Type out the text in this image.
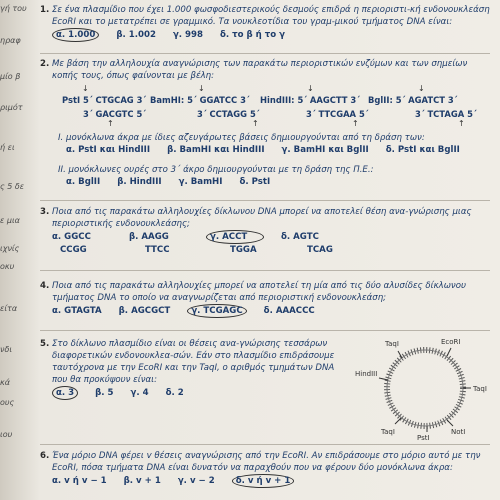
γή του
ηραφ
μίο β
ριμότ
ή ει
ς 5 δε
ε μια
ιχνίς
οκυ
είτα
νδι
κά
ους
ιου
1. Σε ένα πλασμίδιο που έχει 1.000 φωσφοδιεστερικούς δεσμούς επιδρά η περιοριστι-κή ενδονουκλεάση EcoRI και το μετατρέπει σε γραμμικό. Τα νουκλεοτίδια του γραμ-μικού τμήματος DNA είναι:
α. 1.000 β. 1.002 γ. 998 δ. το β ή το γ
2. Με βάση την αλληλουχία αναγνώρισης των παρακάτω περιοριστικών ενζύμων και των σημείων κοπής τους, όπως φαίνονται με βέλη:
↓	↓	↓	↓
PstI 5΄ CTGCAG 3΄ BamHI: 5΄ GGATCC 3΄ HindIII: 5΄ AAGCTT 3΄ BglII: 5΄ AGATCT 3΄
3΄ GACGTC 5΄	3΄ CCTAGG 5΄	3΄ TTCGAA 5΄	3΄ TCTAGA 5΄
↑	↑	↑	↑
I. μονόκλωνα άκρα με ίδιες αζευγάρωτες βάσεις δημιουργούνται από τη δράση των:
α. PstI και HindIII β. BamHI και HindIII γ. BamHI και BglII δ. PstI και BglII
II. μονόκλωνες ουρές στο 3΄ άκρο δημιουργούνται με τη δράση της Π.Ε.:
α. BglII β. HindIII γ. BamHI δ. PstI
3. Ποια από τις παρακάτω αλληλουχίες δίκλωνου DNA μπορεί να αποτελεί θέση ανα-γνώρισης μιας περιοριστικής ενδονουκλεάσης;
α. GGCC	β. AAGG	γ. ACCT	δ. AGTC
CCGG	TTCC	TGGA	TCAG
4. Ποια από τις παρακάτω αλληλουχίες μπορεί να αποτελεί τη μία από τις δύο αλυσίδες δίκλωνου τμήματος DNA το οποίο να αναγνωρίζεται από περιοριστική ενδονουκλεάση;
α. GTAGTA β. AGCGCT γ. TCGAGC δ. AAACCC
5. Στο δίκλωνο πλασμίδιο είναι οι θέσεις ανα-γνώρισης τεσσάρων διαφορετικών ενδονουκλεα-σών. Εάν στο πλασμίδιο επιδράσουμε ταυτόχρονα με την EcoRI και την TaqI, ο αριθμός τμημάτων DNA που θα προκύψουν είναι:
α. 3 β. 5 γ. 4 δ. 2
TaqI	EcoRI
HindIII
TaqI
TaqI
PstI
NotI
6. Ένα μόριο DNA φέρει v θέσεις αναγνώρισης από την EcoRI. Αν επιδράσουμε στο μόριο αυτό με την EcoRI, πόσα τμήματα DNA είναι δυνατόν να παραχθούν που να φέρουν δύο μονόκλωνα άκρα:
α. v ή v − 1 β. v + 1 γ. v − 2 δ. v ή v + 1
